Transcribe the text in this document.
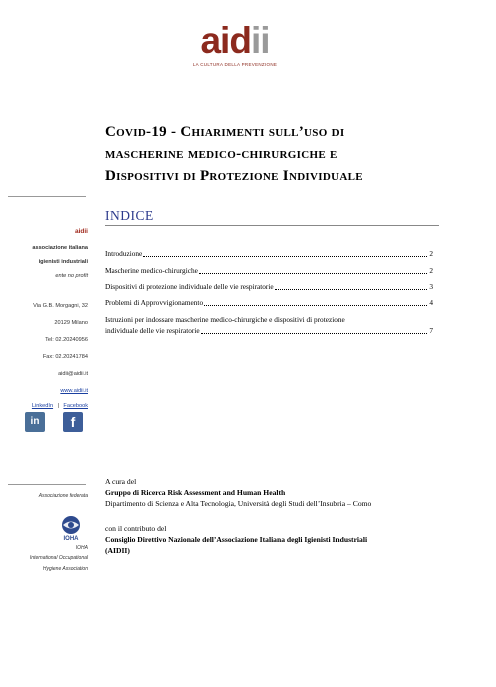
aidii
LA CULTURA DELLA PREVENZIONE
Covid-19 - Chiarimenti sull’uso di
mascherine medico-chirurgiche e
Dispositivi di Protezione Individuale
aidii
associazione italiana
igienisti industriali
ente no profit
Via G.B. Morgagni, 32
20129 Milano
Tel: 02.20240956
Fax: 02.20241784
aidii@aidii.it
www.aidii.it
LinkedIn | Facebook
in	f
Associazione federata
IOHA
IOHA
International Occupational
Hygiene Association
INDICE
Introduzione	2
Mascherine medico-chirurgiche	2
Dispositivi di protezione individuale delle vie respiratorie	3
Problemi di Approvvigionamento	4
Istruzioni per indossare mascherine medico-chirurgiche e dispositivi di protezione
individuale delle vie respiratorie	7
A cura del
Gruppo di Ricerca Risk Assessment and Human Health
Dipartimento di Scienza e Alta Tecnologia, Università degli Studi dell’Insubria – Como
con il contributo del
Consiglio Direttivo Nazionale dell’Associazione Italiana degli Igienisti Industriali
(AIDII)
